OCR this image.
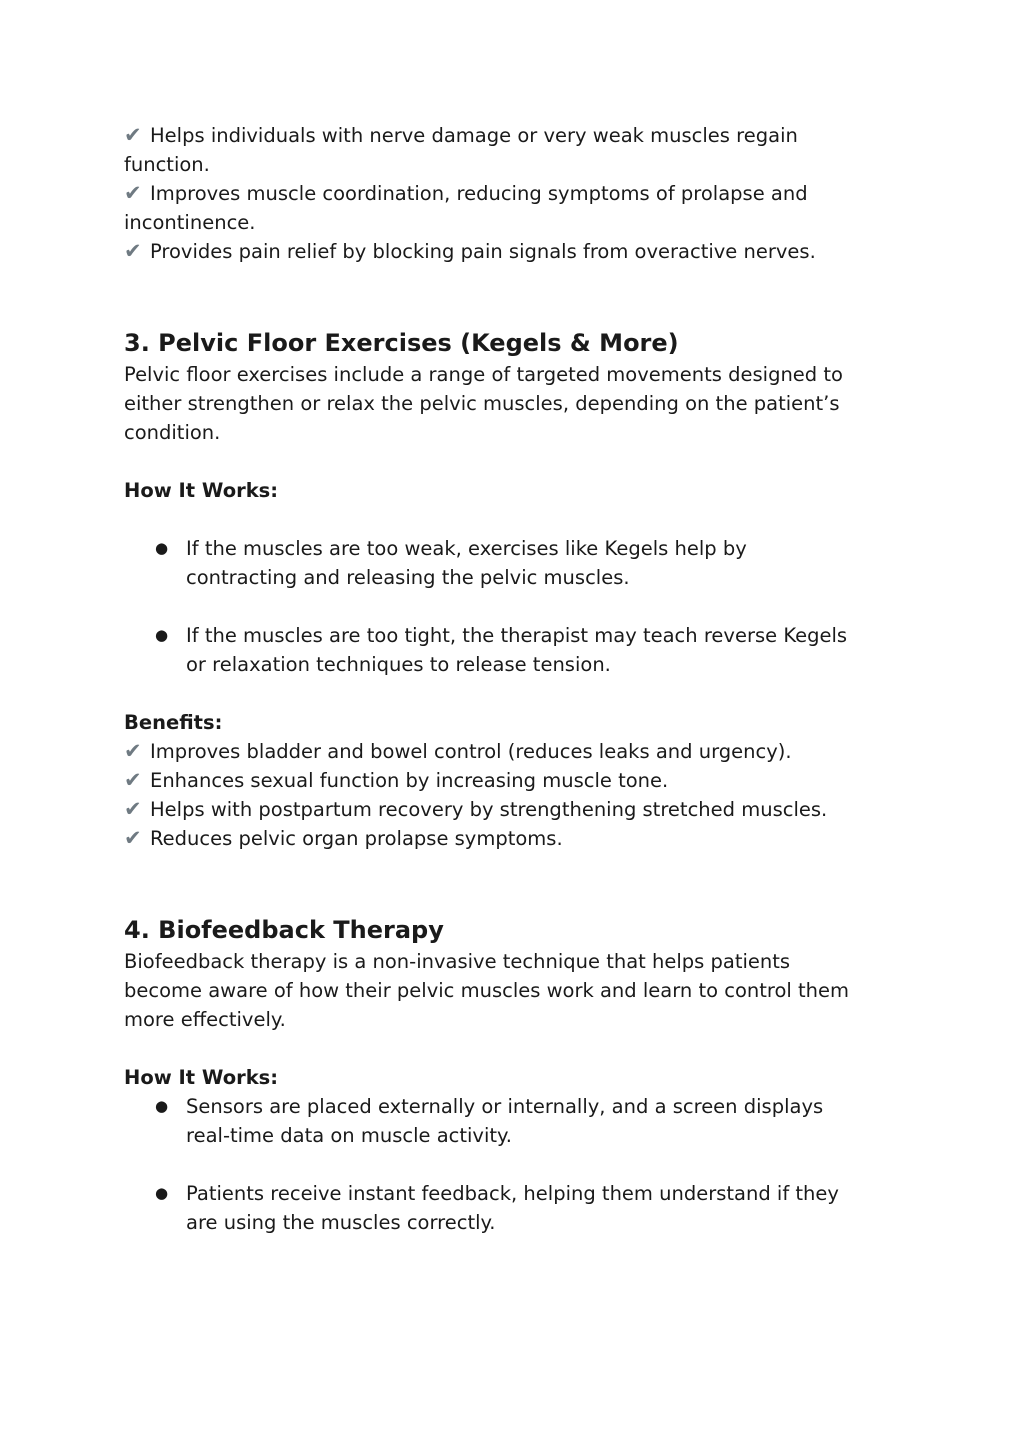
✔ Helps individuals with nerve damage or very weak muscles regain

function.

✔ Improves muscle coordination, reducing symptoms of prolapse and

incontinence.

✔ Provides pain relief by blocking pain signals from overactive nerves.

3. Pelvic Floor Exercises (Kegels & More)

Pelvic floor exercises include a range of targeted movements designed to

either strengthen or relax the pelvic muscles, depending on the patient’s

condition.

How It Works:

● If the muscles are too weak, exercises like Kegels help by

contracting and releasing the pelvic muscles.

● If the muscles are too tight, the therapist may teach reverse Kegels

or relaxation techniques to release tension.

Benefits:

✔ Improves bladder and bowel control (reduces leaks and urgency).

✔ Enhances sexual function by increasing muscle tone.

✔ Helps with postpartum recovery by strengthening stretched muscles.

✔ Reduces pelvic organ prolapse symptoms.

4. Biofeedback Therapy

Biofeedback therapy is a non-invasive technique that helps patients

become aware of how their pelvic muscles work and learn to control them

more effectively.

How It Works:

● Sensors are placed externally or internally, and a screen displays

real-time data on muscle activity.

● Patients receive instant feedback, helping them understand if they

are using the muscles correctly.
